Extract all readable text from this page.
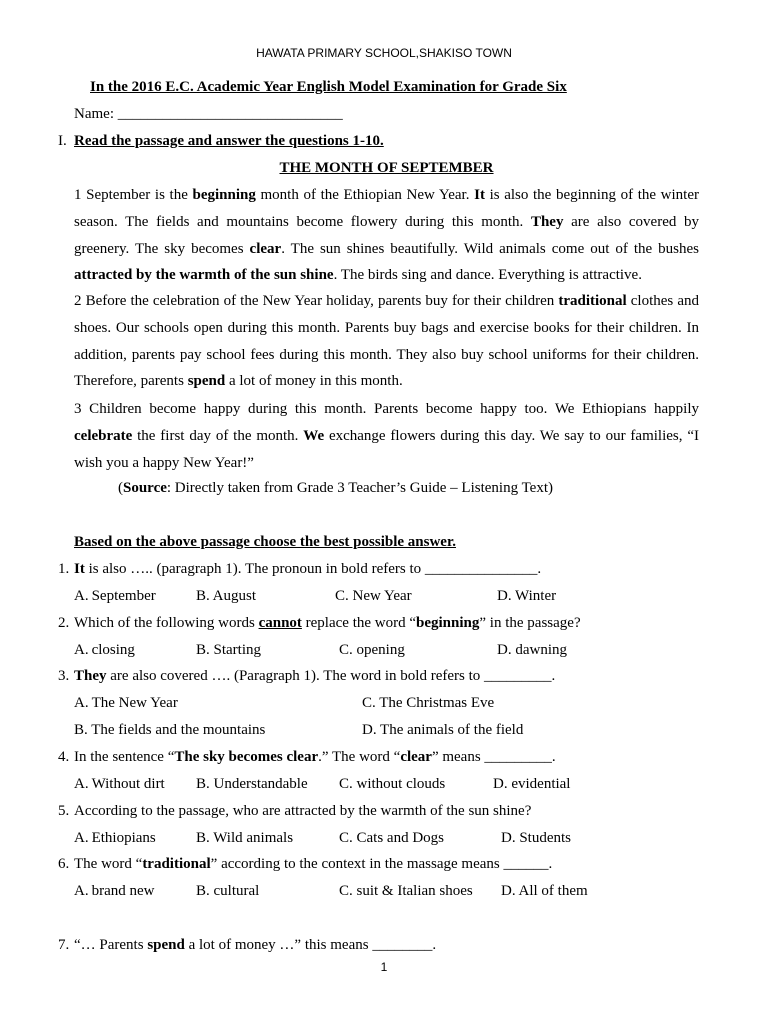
HAWATA PRIMARY SCHOOL,SHAKISO TOWN
In the 2016 E.C. Academic Year English Model Examination for Grade Six
Name: ______________________________
I. Read the passage and answer the questions 1-10.
THE MONTH OF SEPTEMBER
1 September is the beginning month of the Ethiopian New Year. It is also the beginning of the winter season. The fields and mountains become flowery during this month. They are also covered by greenery. The sky becomes clear. The sun shines beautifully. Wild animals come out of the bushes attracted by the warmth of the sun shine. The birds sing and dance. Everything is attractive.
2 Before the celebration of the New Year holiday, parents buy for their children traditional clothes and shoes. Our schools open during this month. Parents buy bags and exercise books for their children. In addition, parents pay school fees during this month. They also buy school uniforms for their children. Therefore, parents spend a lot of money in this month.
3 Children become happy during this month. Parents become happy too. We Ethiopians happily celebrate the first day of the month. We exchange flowers during this day. We say to our families, “I wish you a happy New Year!”
(Source: Directly taken from Grade 3 Teacher’s Guide – Listening Text)
Based on the above passage choose the best possible answer.
1. It is also ….. (paragraph 1). The pronoun in bold refers to _______________.
A. September	B. August	C. New Year	D. Winter
2. Which of the following words cannot replace the word “beginning” in the passage?
A. closing	B. Starting	C. opening	D. dawning
3. They are also covered …. (Paragraph 1). The word in bold refers to _________.
A. The New Year	C. The Christmas Eve
B. The fields and the mountains	D. The animals of the field
4. In the sentence “The sky becomes clear.” The word “clear” means _________.
A. Without dirt B. Understandable C. without clouds	D. evidential
5. According to the passage, who are attracted by the warmth of the sun shine?
A. Ethiopians	B. Wild animals	C. Cats and Dogs	D. Students
6. The word “traditional” according to the context in the massage means ______.
A. brand new	B. cultural	C. suit & Italian shoes D. All of them
7. “… Parents spend a lot of money …” this means ________.
1
